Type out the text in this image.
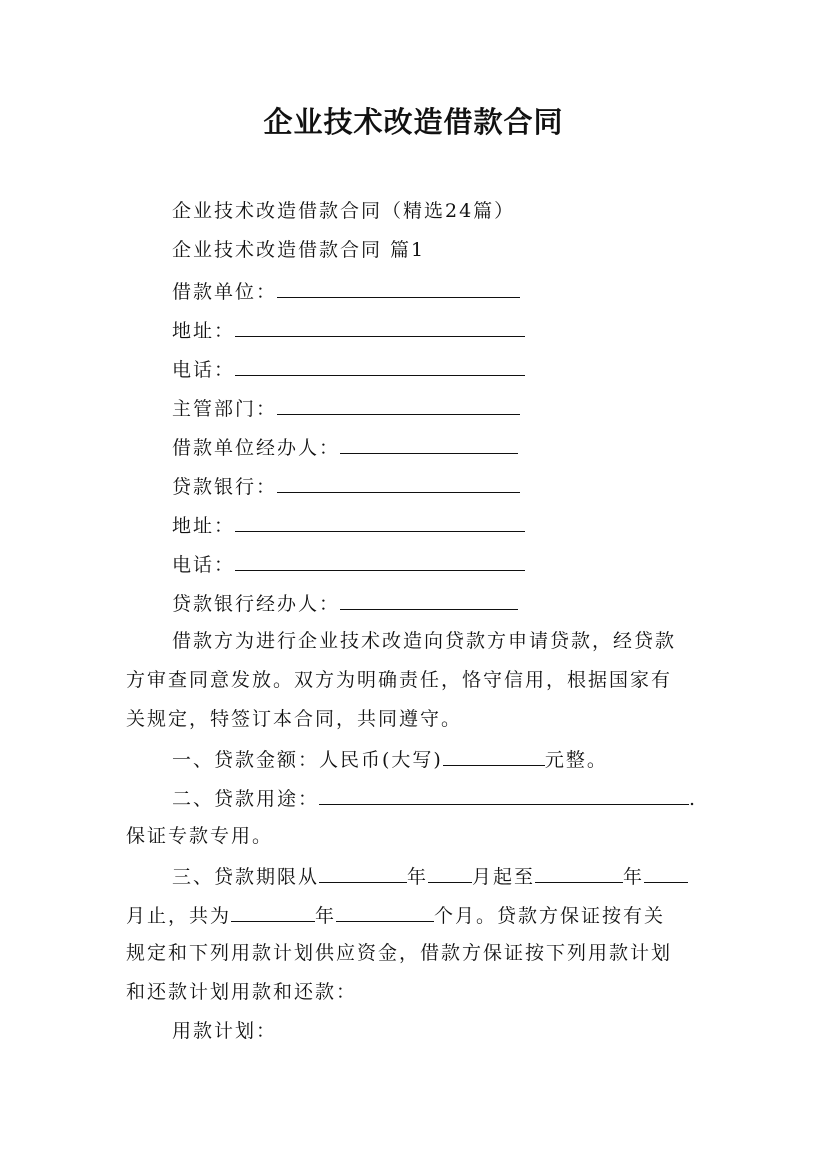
企业技术改造借款合同
企业技术改造借款合同（精选24篇）
企业技术改造借款合同 篇1
借款单位：
地址：
电话：
主管部门：
借款单位经办人：
贷款银行：
地址：
电话：
贷款银行经办人：
借款方为进行企业技术改造向贷款方申请贷款，经贷款
方审查同意发放。双方为明确责任，恪守信用，根据国家有
关规定，特签订本合同，共同遵守。
一、贷款金额：人民币(大写)	元整。
二、贷款用途：	.
保证专款专用。
三、贷款期限从	年 月起至	年
月止，共为	年	个月。贷款方保证按有关
规定和下列用款计划供应资金，借款方保证按下列用款计划
和还款计划用款和还款：
用款计划：
